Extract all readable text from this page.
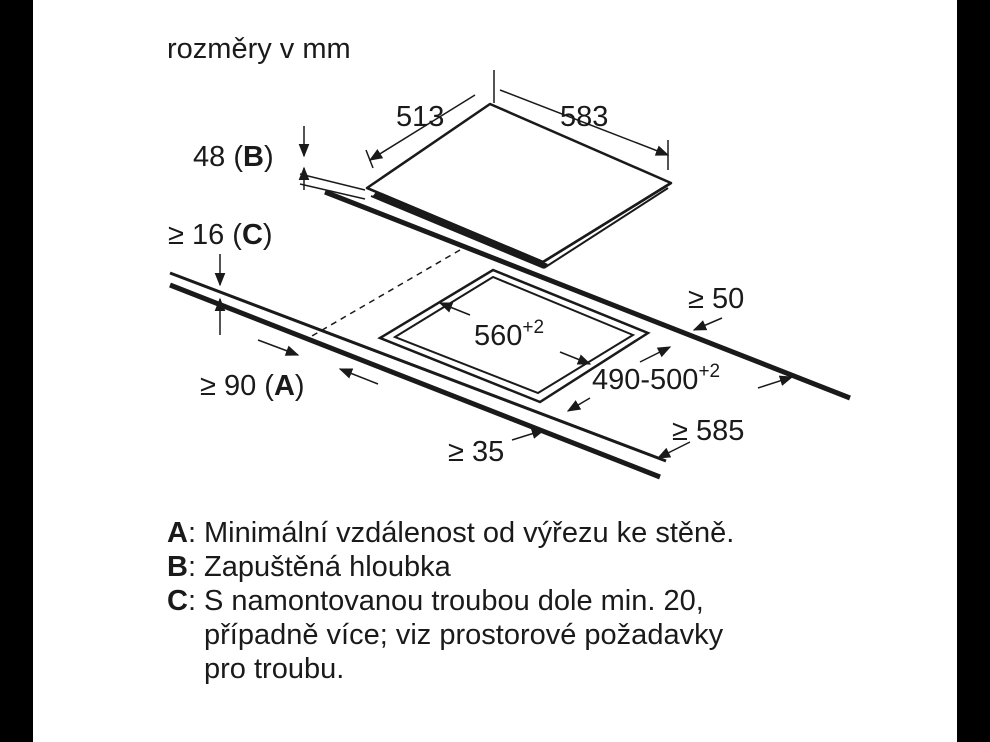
rozměry v mm
513	583
48 (B)
≥ 16 (C)
≥ 50
$560^{+2}$
$490-500^{+2}$
≥ 90 (A)
≥ 35
≥ 585
A : Minimální vzdálenost od výřezu ke stěně.
B : Zapuštěná hloubka
C : S namontovanou troubou dole min. 20,
případně více; viz prostorové požadavky
pro troubu.
